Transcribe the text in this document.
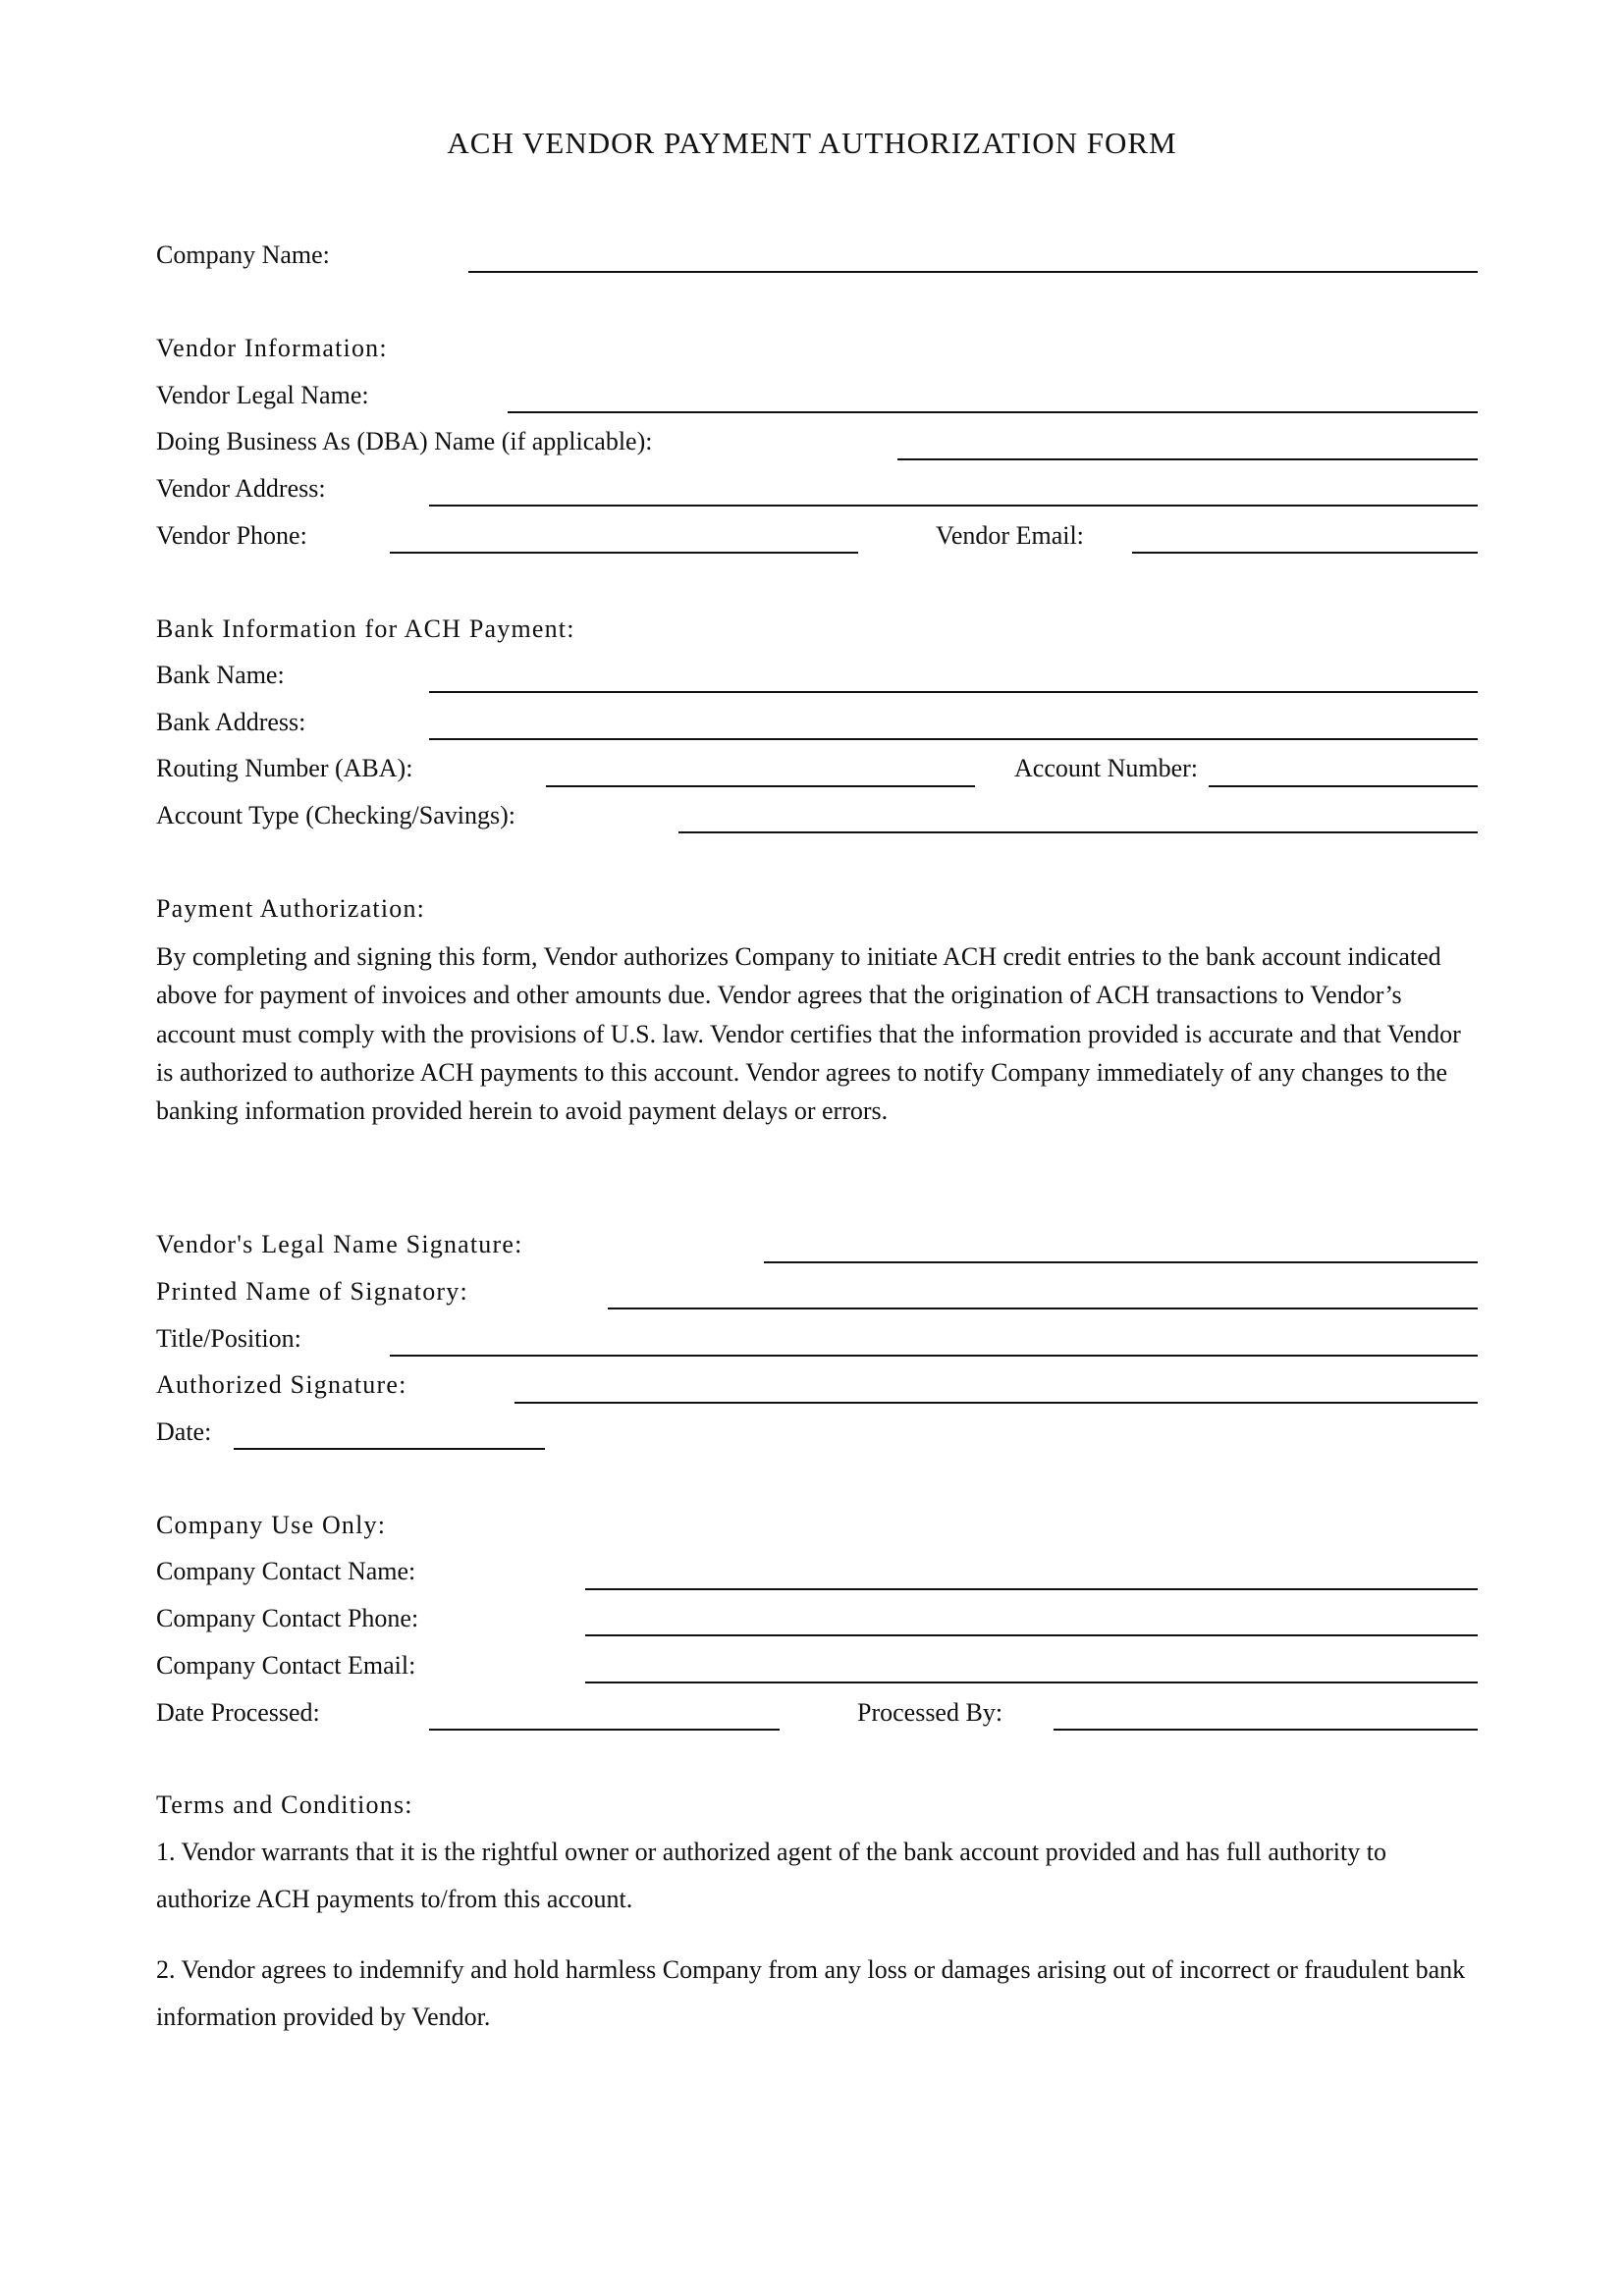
ACH VENDOR PAYMENT AUTHORIZATION FORM
Company Name:
Vendor Information:
Vendor Legal Name:
Doing Business As (DBA) Name (if applicable):
Vendor Address:
Vendor Phone:	Vendor Email:
Bank Information for ACH Payment:
Bank Name:
Bank Address:
Routing Number (ABA):	Account Number:
Account Type (Checking/Savings):
Payment Authorization:
By completing and signing this form, Vendor authorizes Company to initiate ACH credit entries to the bank account indicated above for payment of invoices and other amounts due. Vendor agrees that the origination of ACH transactions to Vendor’s account must comply with the provisions of U.S. law. Vendor certifies that the information provided is accurate and that Vendor is authorized to authorize ACH payments to this account. Vendor agrees to notify Company immediately of any changes to the banking information provided herein to avoid payment delays or errors.
Vendor's Legal Name Signature:
Printed Name of Signatory:
Title/Position:
Authorized Signature:
Date:
Company Use Only:
Company Contact Name:
Company Contact Phone:
Company Contact Email:
Date Processed:	Processed By:
Terms and Conditions:
1. Vendor warrants that it is the rightful owner or authorized agent of the bank account provided and has full authority to authorize ACH payments to/from this account.
2. Vendor agrees to indemnify and hold harmless Company from any loss or damages arising out of incorrect or fraudulent bank information provided by Vendor.
